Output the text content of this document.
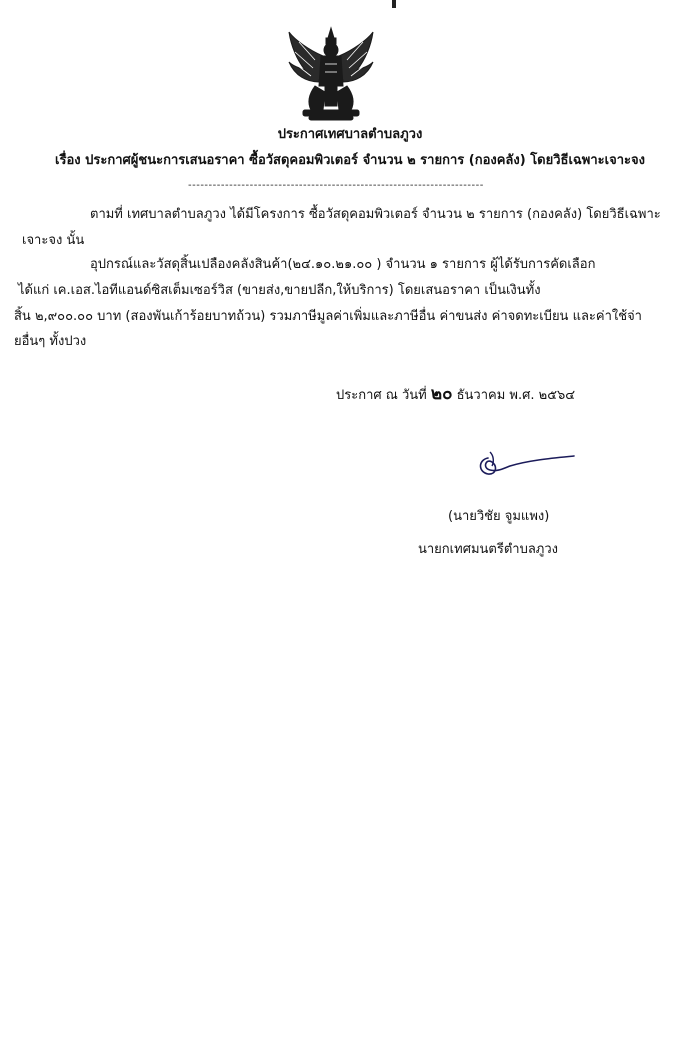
ประกาศเทศบาลตำบลภูวง
เรื่อง ประกาศผู้ชนะการเสนอราคา ซื้อวัสดุคอมพิวเตอร์ จำนวน ๒ รายการ (กองคลัง) โดยวิธีเฉพาะเจาะจง
------------------------------------------------------------------------
ตามที่ เทศบาลตำบลภูวง ได้มีโครงการ ซื้อวัสดุคอมพิวเตอร์ จำนวน ๒ รายการ (กองคลัง) โดยวิธีเฉพาะ
เจาะจง นั้น
อุปกรณ์และวัสดุสิ้นเปลืองคลังสินค้า(๒๔.๑๐.๒๑.๐๐ ) จำนวน ๑ รายการ ผู้ได้รับการคัดเลือก
ได้แก่ เค.เอส.ไอทีแอนด์ซิสเต็มเซอร์วิส (ขายส่ง,ขายปลีก,ให้บริการ) โดยเสนอราคา เป็นเงินทั้ง
สิ้น ๒,๙๐๐.๐๐ บาท (สองพันเก้าร้อยบาทถ้วน) รวมภาษีมูลค่าเพิ่มและภาษีอื่น ค่าขนส่ง ค่าจดทะเบียน และค่าใช้จ่า
ยอื่นๆ ทั้งปวง
ประกาศ ณ วันที่ ๒๐ ธันวาคม พ.ศ. ๒๕๖๔
(นายวิชัย จูมแพง)
นายกเทศมนตรีตำบลภูวง
